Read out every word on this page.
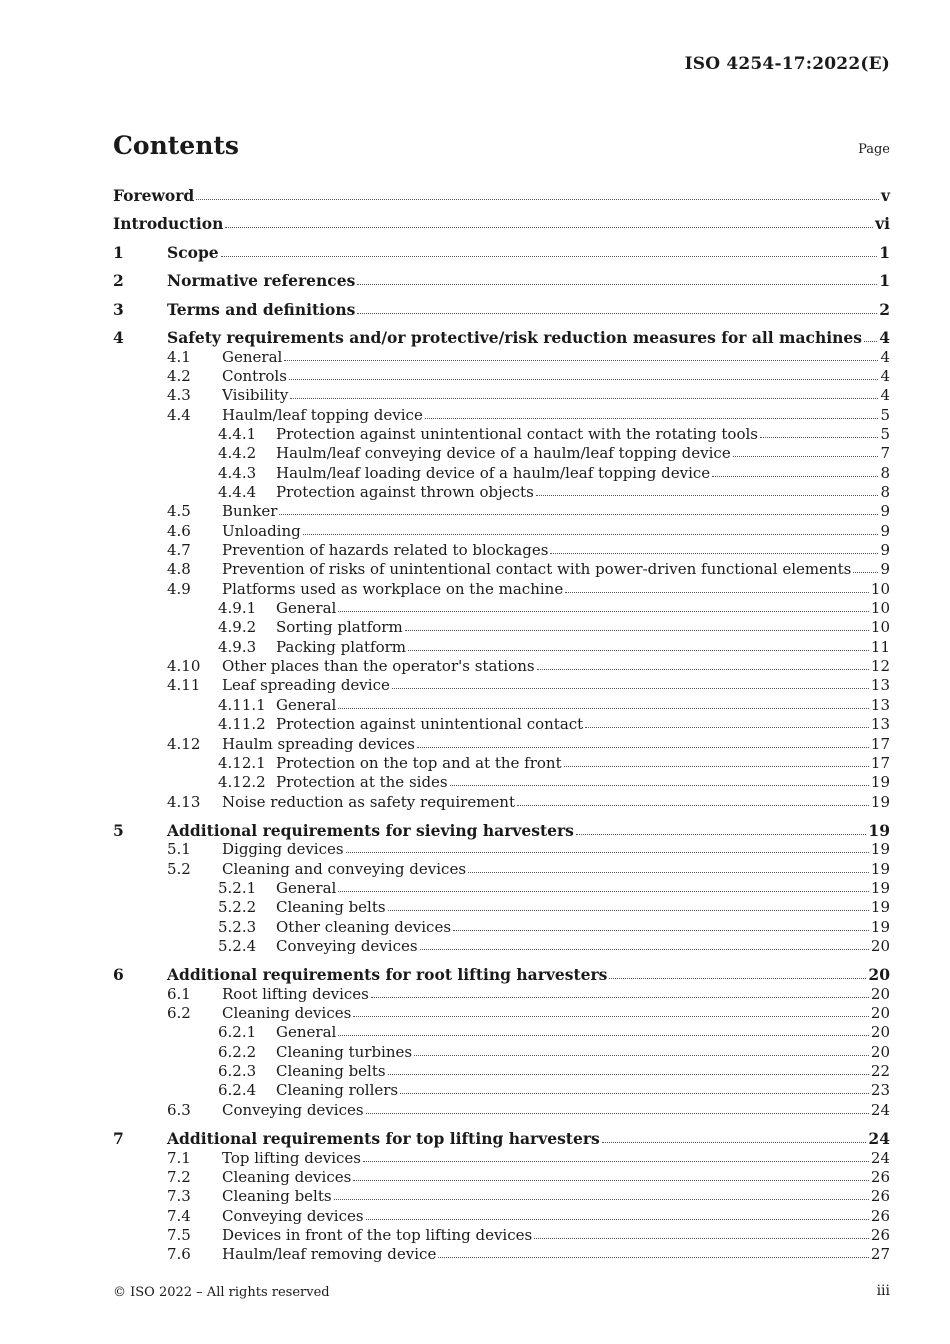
ISO 4254-17:2022(E)
Contents	Page
Foreword	v
Introduction	vi
1	Scope	1
2	Normative references	1
3	Terms and definitions	2
4	Safety requirements and/or protective/risk reduction measures for all machines 4
4.1	General	4
4.2	Controls	4
4.3	Visibility	4
4.4	Haulm/leaf topping device	5
4.4.1	Protection against unintentional contact with the rotating tools	5
4.4.2	Haulm/leaf conveying device of a haulm/leaf topping device	7
4.4.3	Haulm/leaf loading device of a haulm/leaf topping device	8
4.4.4	Protection against thrown objects	8
4.5	Bunker	9
4.6	Unloading	9
4.7	Prevention of hazards related to blockages	9
4.8	Prevention of risks of unintentional contact with power-driven functional elements 9
4.9	Platforms used as workplace on the machine	10
4.9.1	General	10
4.9.2	Sorting platform	10
4.9.3	Packing platform	11
4.10	Other places than the operator's stations	12
4.11	Leaf spreading device	13
4.11.1 General	13
4.11.2 Protection against unintentional contact	13
4.12	Haulm spreading devices	17
4.12.1 Protection on the top and at the front	17
4.12.2 Protection at the sides	19
4.13	Noise reduction as safety requirement	19
5	Additional requirements for sieving harvesters	19
5.1	Digging devices	19
5.2	Cleaning and conveying devices	19
5.2.1	General	19
5.2.2	Cleaning belts	19
5.2.3	Other cleaning devices	19
5.2.4	Conveying devices	20
6	Additional requirements for root lifting harvesters	20
6.1	Root lifting devices	20
6.2	Cleaning devices	20
6.2.1	General	20
6.2.2	Cleaning turbines	20
6.2.3	Cleaning belts	22
6.2.4	Cleaning rollers	23
6.3	Conveying devices	24
7	Additional requirements for top lifting harvesters	24
7.1	Top lifting devices	24
7.2	Cleaning devices	26
7.3	Cleaning belts	26
7.4	Conveying devices	26
7.5	Devices in front of the top lifting devices	26
7.6	Haulm/leaf removing device	27
© ISO 2022 – All rights reserved	iii
